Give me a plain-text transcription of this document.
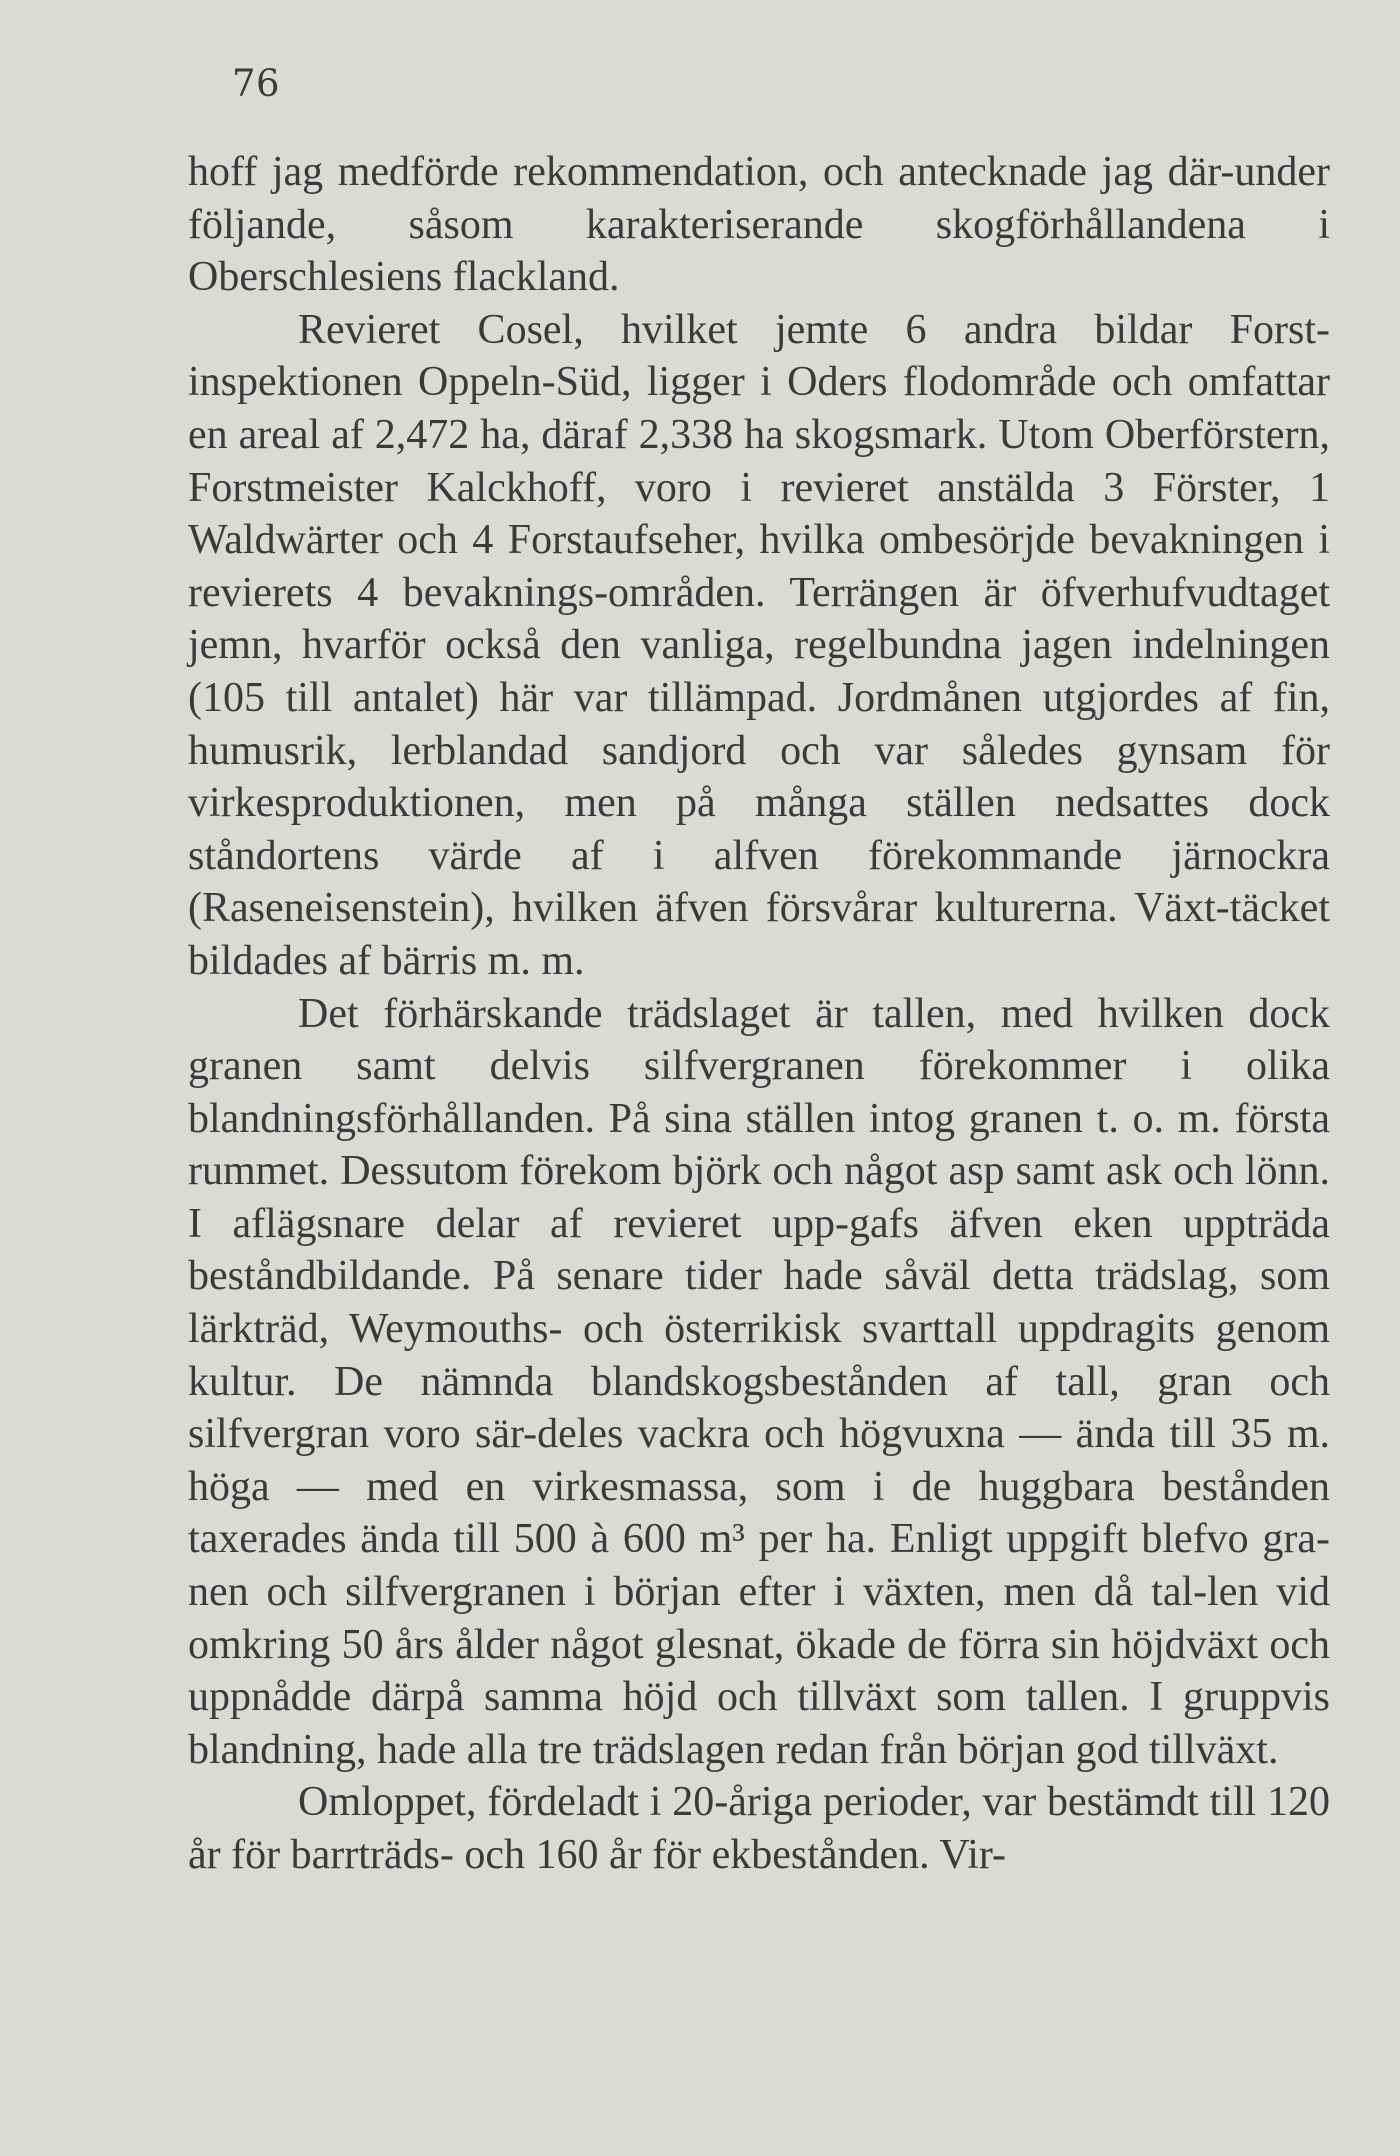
76

hoff jag medförde rekommendation, och antecknade jag där-under följande, såsom karakteriserande skogförhållandena i Oberschlesiens flackland.

Revieret Cosel, hvilket jemte 6 andra bildar Forst-inspektionen Oppeln-Süd, ligger i Oders flodområde och omfattar en areal af 2,472 ha, däraf 2,338 ha skogsmark. Utom Oberförstern, Forstmeister Kalckhoff, voro i revieret anstälda 3 Förster, 1 Waldwärter och 4 Forstaufseher, hvilka ombesörjde bevakningen i revierets 4 bevaknings-områden. Terrängen är öfverhufvudtaget jemn, hvarför också den vanliga, regelbundna jagen indelningen (105 till antalet) här var tillämpad. Jordmånen utgjordes af fin, humusrik, lerblandad sandjord och var således gynsam för virkesproduktionen, men på många ställen nedsattes dock ståndortens värde af i alfven förekommande järnockra (Raseneisenstein), hvilken äfven försvårar kulturerna. Växt-täcket bildades af bärris m. m.

Det förhärskande trädslaget är tallen, med hvilken dock granen samt delvis silfvergranen förekommer i olika blandningsförhållanden. På sina ställen intog granen t. o. m. första rummet. Dessutom förekom björk och något asp samt ask och lönn. I aflägsnare delar af revieret upp-gafs äfven eken uppträda beståndbildande. På senare tider hade såväl detta trädslag, som lärkträd, Weymouths- och österrikisk svarttall uppdragits genom kultur. De nämnda blandskogsbestånden af tall, gran och silfvergran voro sär-deles vackra och högvuxna — ända till 35 m. höga — med en virkesmassa, som i de huggbara bestånden taxerades ända till 500 à 600 m³ per ha. Enligt uppgift blefvo gra-nen och silfvergranen i början efter i växten, men då tal-len vid omkring 50 års ålder något glesnat, ökade de förra sin höjdväxt och uppnådde därpå samma höjd och tillväxt som tallen. I gruppvis blandning, hade alla tre trädslagen redan från början god tillväxt.

Omloppet, fördeladt i 20-åriga perioder, var bestämdt till 120 år för barrträds- och 160 år för ekbestånden. Vir-
